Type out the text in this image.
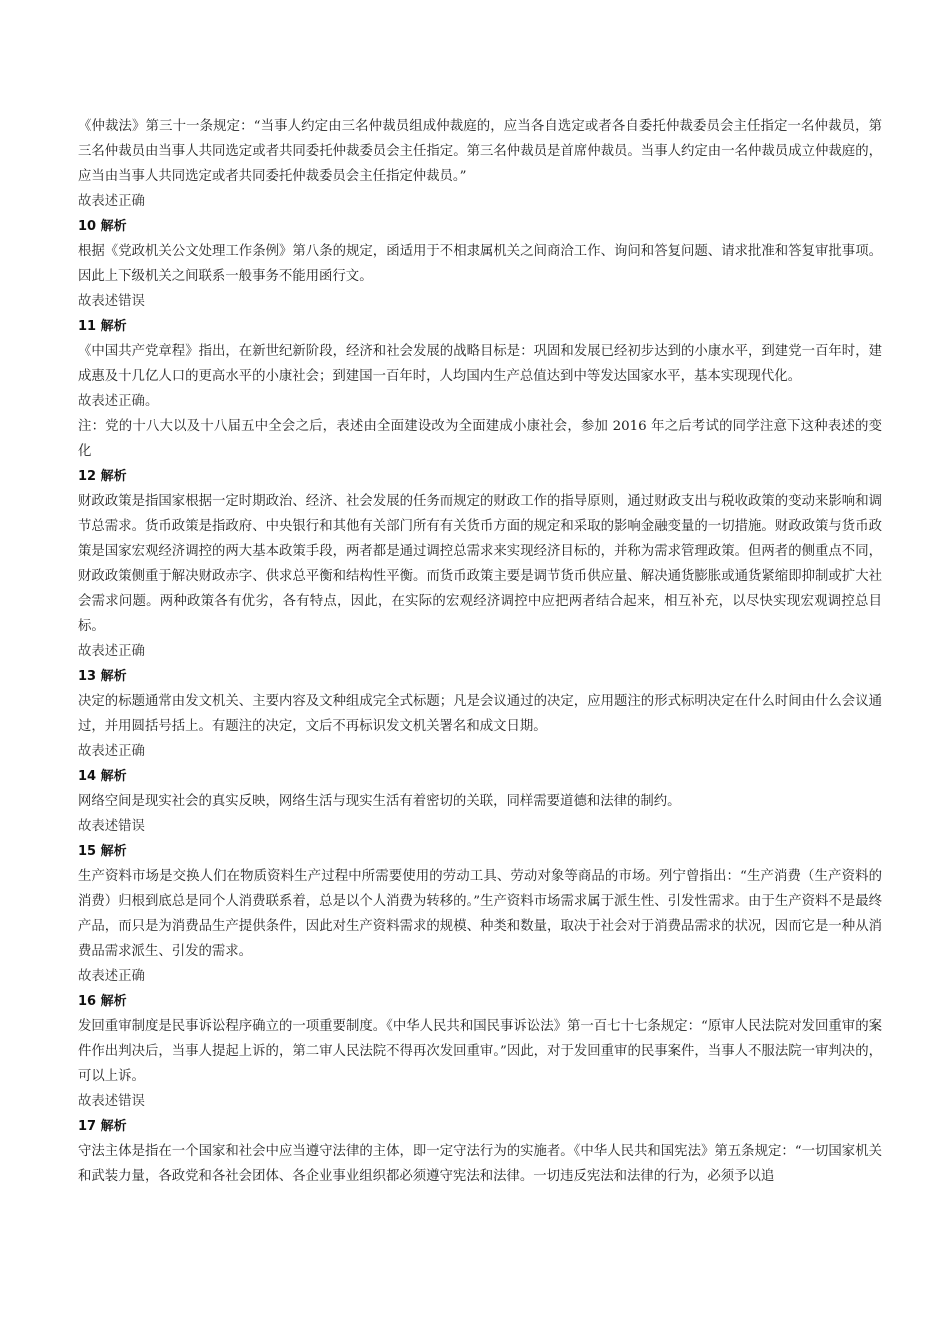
《仲裁法》第三十一条规定：“当事人约定由三名仲裁员组成仲裁庭的，应当各自选定或者各自委托仲裁委员会主任指定一名仲裁员，第三名仲裁员由当事人共同选定或者共同委托仲裁委员会主任指定。第三名仲裁员是首席仲裁员。当事人约定由一名仲裁员成立仲裁庭的，应当由当事人共同选定或者共同委托仲裁委员会主任指定仲裁员。”

故表述正确

10 解析

根据《党政机关公文处理工作条例》第八条的规定，函适用于不相隶属机关之间商洽工作、询问和答复问题、请求批准和答复审批事项。因此上下级机关之间联系一般事务不能用函行文。

故表述错误

11 解析

《中国共产党章程》指出，在新世纪新阶段，经济和社会发展的战略目标是：巩固和发展已经初步达到的小康水平，到建党一百年时，建成惠及十几亿人口的更高水平的小康社会；到建国一百年时，人均国内生产总值达到中等发达国家水平，基本实现现代化。

故表述正确。

注：党的十八大以及十八届五中全会之后，表述由全面建设改为全面建成小康社会，参加 2016 年之后考试的同学注意下这种表述的变化

12 解析

财政政策是指国家根据一定时期政治、经济、社会发展的任务而规定的财政工作的指导原则，通过财政支出与税收政策的变动来影响和调节总需求。货币政策是指政府、中央银行和其他有关部门所有有关货币方面的规定和采取的影响金融变量的一切措施。财政政策与货币政策是国家宏观经济调控的两大基本政策手段，两者都是通过调控总需求来实现经济目标的，并称为需求管理政策。但两者的侧重点不同，财政政策侧重于解决财政赤字、供求总平衡和结构性平衡。而货币政策主要是调节货币供应量、解决通货膨胀或通货紧缩即抑制或扩大社会需求问题。两种政策各有优劣，各有特点，因此，在实际的宏观经济调控中应把两者结合起来，相互补充，以尽快实现宏观调控总目标。

故表述正确

13 解析

决定的标题通常由发文机关、主要内容及文种组成完全式标题；凡是会议通过的决定，应用题注的形式标明决定在什么时间由什么会议通过，并用圆括号括上。有题注的决定，文后不再标识发文机关署名和成文日期。

故表述正确

14 解析

网络空间是现实社会的真实反映，网络生活与现实生活有着密切的关联，同样需要道德和法律的制约。

故表述错误

15 解析

生产资料市场是交换人们在物质资料生产过程中所需要使用的劳动工具、劳动对象等商品的市场。列宁曾指出：“生产消费（生产资料的消费）归根到底总是同个人消费联系着，总是以个人消费为转移的。”生产资料市场需求属于派生性、引发性需求。由于生产资料不是最终产品，而只是为消费品生产提供条件，因此对生产资料需求的规模、种类和数量，取决于社会对于消费品需求的状况，因而它是一种从消费品需求派生、引发的需求。

故表述正确

16 解析

发回重审制度是民事诉讼程序确立的一项重要制度。《中华人民共和国民事诉讼法》第一百七十七条规定：“原审人民法院对发回重审的案件作出判决后，当事人提起上诉的，第二审人民法院不得再次发回重审。”因此，对于发回重审的民事案件，当事人不服法院一审判决的，可以上诉。

故表述错误

17 解析

守法主体是指在一个国家和社会中应当遵守法律的主体，即一定守法行为的实施者。《中华人民共和国宪法》第五条规定：“一切国家机关和武装力量，各政党和各社会团体、各企业事业组织都必须遵守宪法和法律。一切违反宪法和法律的行为，必须予以追
